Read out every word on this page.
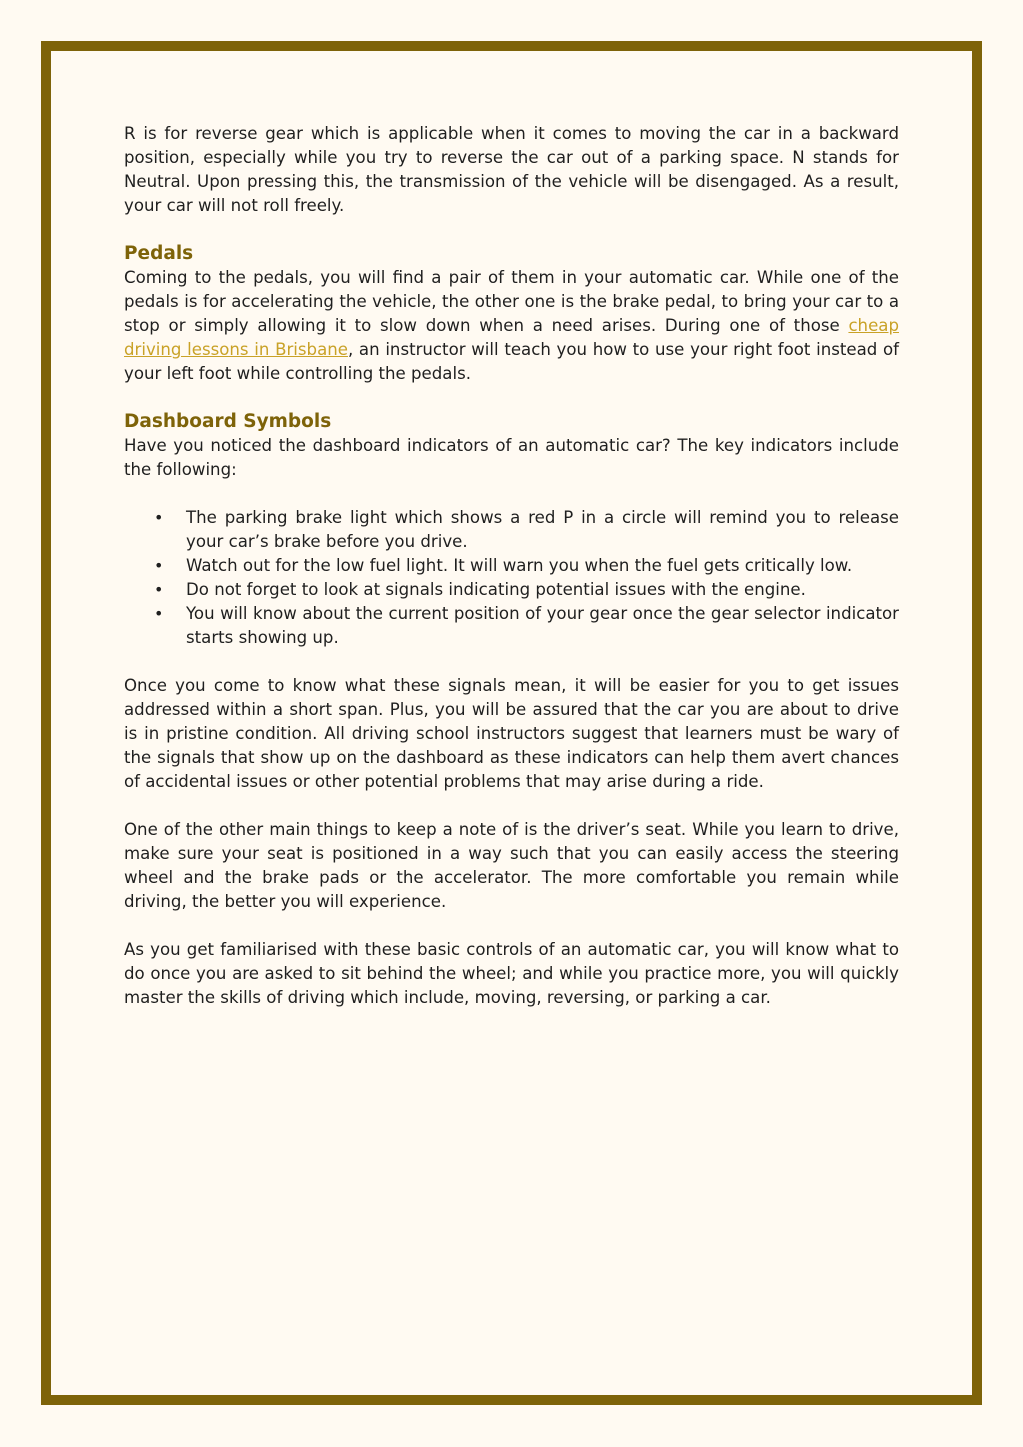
R is for reverse gear which is applicable when it comes to moving the car in a backward position, especially while you try to reverse the car out of a parking space. N stands for Neutral. Upon pressing this, the transmission of the vehicle will be disengaged. As a result, your car will not roll freely.

Pedals

Coming to the pedals, you will find a pair of them in your automatic car. While one of the pedals is for accelerating the vehicle, the other one is the brake pedal, to bring your car to a stop or simply allowing it to slow down when a need arises. During one of those cheap driving lessons in Brisbane, an instructor will teach you how to use your right foot instead of your left foot while controlling the pedals.

Dashboard Symbols

Have you noticed the dashboard indicators of an automatic car? The key indicators include the following:

• The parking brake light which shows a red P in a circle will remind you to release your car’s brake before you drive.
• Watch out for the low fuel light. It will warn you when the fuel gets critically low.
• Do not forget to look at signals indicating potential issues with the engine.
• You will know about the current position of your gear once the gear selector indicator starts showing up.

Once you come to know what these signals mean, it will be easier for you to get issues addressed within a short span. Plus, you will be assured that the car you are about to drive is in pristine condition. All driving school instructors suggest that learners must be wary of the signals that show up on the dashboard as these indicators can help them avert chances of accidental issues or other potential problems that may arise during a ride.

One of the other main things to keep a note of is the driver’s seat. While you learn to drive, make sure your seat is positioned in a way such that you can easily access the steering wheel and the brake pads or the accelerator. The more comfortable you remain while driving, the better you will experience.

As you get familiarised with these basic controls of an automatic car, you will know what to do once you are asked to sit behind the wheel; and while you practice more, you will quickly master the skills of driving which include, moving, reversing, or parking a car.
